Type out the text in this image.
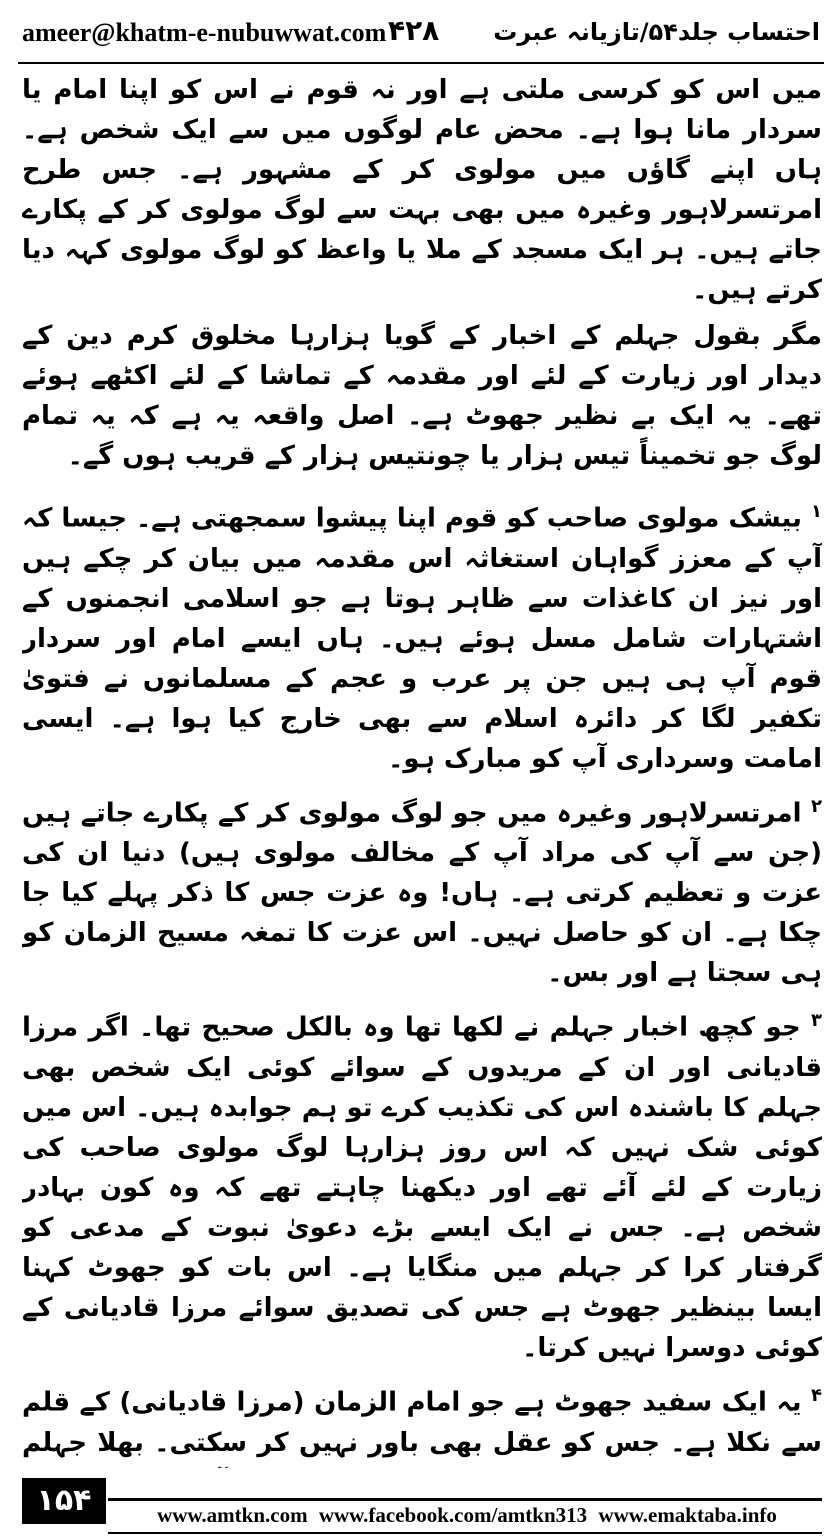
ameer@khatm-e-nubuwwat.com ۴۲۸ احتساب جلد۵۴/تازیانہ عبرت

میں اس کو کرسی ملتی ہے اور نہ قوم نے اس کو اپنا امام یا سردار مانا ہوا ہے۔ محض عام لوگوں میں سے ایک شخص ہے۔ ہاں اپنے گاؤں میں مولوی کر کے مشہور ہے۔ جس طرح امرتسرلاہور وغیرہ میں بھی بہت سے لوگ مولوی کر کے پکارے جاتے ہیں۔ ہر ایک مسجد کے ملا یا واعظ کو لوگ مولوی کہہ دیا کرتے ہیں۔

مگر بقول جہلم کے اخبار کے گویا ہزارہا مخلوق کرم دین کے دیدار اور زیارت کے لئے اور مقدمہ کے تماشا کے لئے اکٹھے ہوئے تھے۔ یہ ایک بے نظیر جھوٹ ہے۔ اصل واقعہ یہ ہے کہ یہ تمام لوگ جو تخمیناً تیس ہزار یا چونتیس ہزار کے قریب ہوں گے۔

$^۱$ بیشک مولوی صاحب کو قوم اپنا پیشوا سمجھتی ہے۔ جیسا کہ آپ کے معزز گواہان استغاثہ اس مقدمہ میں بیان کر چکے ہیں اور نیز ان کاغذات سے ظاہر ہوتا ہے جو اسلامی انجمنوں کے اشتہارات شامل مسل ہوئے ہیں۔ ہاں ایسے امام اور سردار قوم آپ ہی ہیں جن پر عرب و عجم کے مسلمانوں نے فتویٰ تکفیر لگا کر دائرہ اسلام سے بھی خارج کیا ہوا ہے۔ ایسی امامت وسرداری آپ کو مبارک ہو۔

$^۲$ امرتسرلاہور وغیرہ میں جو لوگ مولوی کر کے پکارے جاتے ہیں (جن سے آپ کی مراد آپ کے مخالف مولوی ہیں) دنیا ان کی عزت و تعظیم کرتی ہے۔ ہاں! وہ عزت جس کا ذکر پہلے کیا جا چکا ہے۔ ان کو حاصل نہیں۔ اس عزت کا تمغہ مسیح الزمان کو ہی سجتا ہے اور بس۔

$^۳$ جو کچھ اخبار جہلم نے لکھا تھا وہ بالکل صحیح تھا۔ اگر مرزا قادیانی اور ان کے مریدوں کے سوائے کوئی ایک شخص بھی جہلم کا باشندہ اس کی تکذیب کرے تو ہم جوابدہ ہیں۔ اس میں کوئی شک نہیں کہ اس روز ہزارہا لوگ مولوی صاحب کی زیارت کے لئے آئے تھے اور دیکھنا چاہتے تھے کہ وہ کون بہادر شخص ہے۔ جس نے ایک ایسے بڑے دعویٰ نبوت کے مدعی کو گرفتار کرا کر جہلم میں منگایا ہے۔ اس بات کو جھوٹ کہنا ایسا بینظیر جھوٹ ہے جس کی تصدیق سوائے مرزا قادیانی کے کوئی دوسرا نہیں کرتا۔

$^۴$ یہ ایک سفید جھوٹ ہے جو امام الزمان (مرزا قادیانی) کے قلم سے نکلا ہے۔ جس کو عقل بھی باور نہیں کر سکتی۔ بھلا جہلم

۱۵۴	www.amtkn.com www.facebook.com/amtkn313 www.emaktaba.info
